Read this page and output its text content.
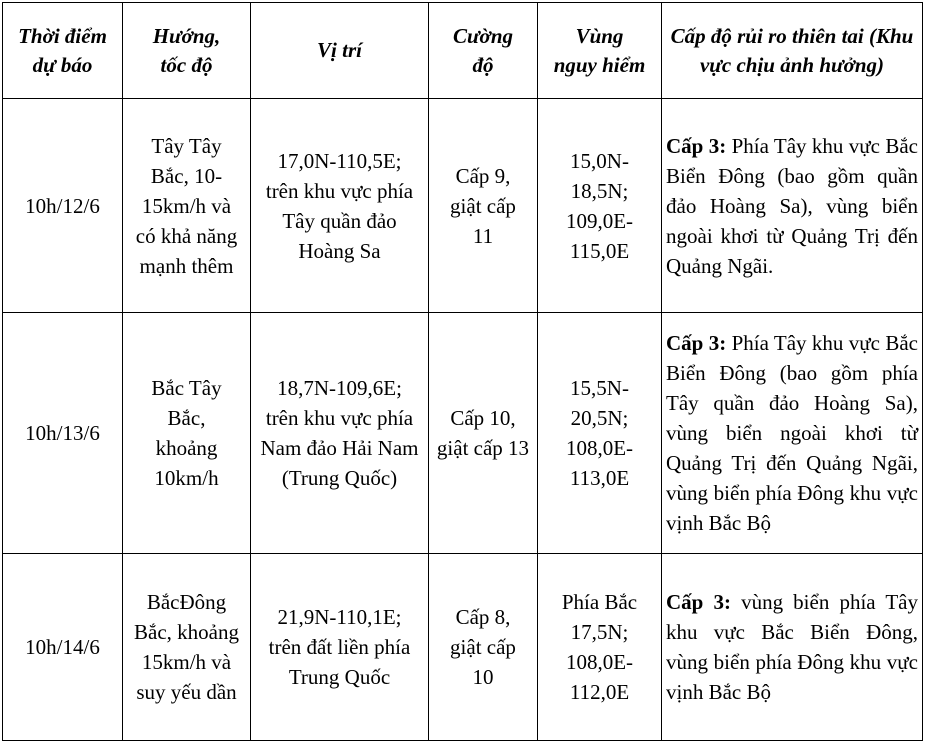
Thời điểm dự báo	Hướng, tốc độ	Vị trí	Cường độ	Vùng nguy hiểm	Cấp độ rủi ro thiên tai (Khu vực chịu ảnh hưởng)
10h/12/6	Tây Tây Bắc, 10-15km/h và có khả năng mạnh thêm	17,0N-110,5E; trên khu vực phía Tây quần đảo Hoàng Sa	Cấp 9, giật cấp 11	15,0N-18,5N; 109,0E-115,0E	Cấp 3: Phía Tây khu vực Bắc Biển Đông (bao gồm quần đảo Hoàng Sa), vùng biển ngoài khơi từ Quảng Trị đến Quảng Ngãi.
10h/13/6	Bắc Tây Bắc, khoảng 10km/h	18,7N-109,6E; trên khu vực phía Nam đảo Hải Nam (Trung Quốc)	Cấp 10, giật cấp 13	15,5N-20,5N; 108,0E-113,0E	Cấp 3: Phía Tây khu vực Bắc Biển Đông (bao gồm phía Tây quần đảo Hoàng Sa), vùng biển ngoài khơi từ Quảng Trị đến Quảng Ngãi, vùng biển phía Đông khu vực vịnh Bắc Bộ
10h/14/6	BắcĐông Bắc, khoảng 15km/h và suy yếu dần	21,9N-110,1E; trên đất liền phía Trung Quốc	Cấp 8, giật cấp 10	Phía Bắc 17,5N; 108,0E-112,0E	Cấp 3: vùng biển phía Tây khu vực Bắc Biển Đông, vùng biển phía Đông khu vực vịnh Bắc Bộ
